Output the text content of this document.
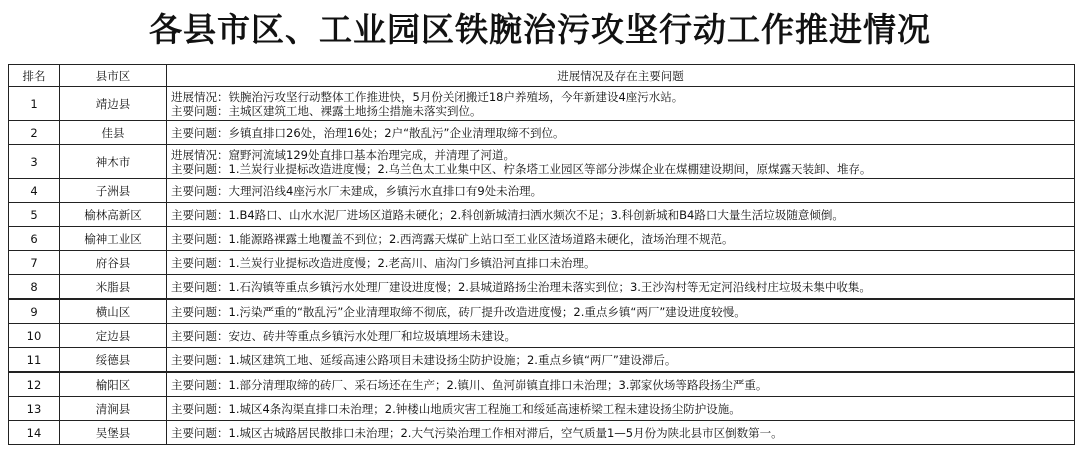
各县市区、工业园区铁腕治污攻坚行动工作推进情况
排名	县市区	进展情况及存在主要问题
1	靖边县	进展情况：铁腕治污攻坚行动整体工作推进快，5月份关闭搬迁18户养殖场，今年新建设4座污水站。
主要问题：主城区建筑工地、裸露土地扬尘措施未落实到位。

2	佳县	主要问题：乡镇直排口26处，治理16处；2户“散乱污”企业清理取缔不到位。

3	神木市	进展情况：窟野河流域129处直排口基本治理完成，并清理了河道。
主要问题：1.兰炭行业提标改造进度慢；2.乌兰色太工业集中区、柠条塔工业园区等部分涉煤企业在煤棚建设期间，原煤露天装卸、堆存。

4	子洲县	主要问题：大理河沿线4座污水厂未建成，乡镇污水直排口有9处未治理。

5	榆林高新区	主要问题：1.B4路口、山水水泥厂进场区道路未硬化；2.科创新城清扫洒水频次不足；3.科创新城和B4路口大量生活垃圾随意倾倒。

6	榆神工业区	主要问题：1.能源路裸露土地覆盖不到位；2.西湾露天煤矿上站口至工业区渣场道路未硬化，渣场治理不规范。

7	府谷县	主要问题：1.兰炭行业提标改造进度慢；2.老高川、庙沟门乡镇沿河直排口未治理。

8	米脂县	主要问题：1.石沟镇等重点乡镇污水处理厂建设进度慢；2.县城道路扬尘治理未落实到位；3.王沙沟村等无定河沿线村庄垃圾未集中收集。

9	横山区	主要问题：1.污染严重的“散乱污”企业清理取缔不彻底，砖厂提升改造进度慢；2.重点乡镇“两厂”建设进度较慢。

10	定边县	主要问题：安边、砖井等重点乡镇污水处理厂和垃圾填埋场未建设。

11	绥德县	主要问题：1.城区建筑工地、延绥高速公路项目未建设扬尘防护设施；2.重点乡镇“两厂”建设滞后。

12	榆阳区	主要问题：1.部分清理取缔的砖厂、采石场还在生产；2.镇川、鱼河峁镇直排口未治理；3.郭家伙场等路段扬尘严重。

13	清涧县	主要问题：1.城区4条沟渠直排口未治理；2.钟楼山地质灾害工程施工和绥延高速桥梁工程未建设扬尘防护设施。

14	吴堡县	主要问题：1.城区古城路居民散排口未治理；2.大气污染治理工作相对滞后，空气质量1—5月份为陕北县市区倒数第一。
